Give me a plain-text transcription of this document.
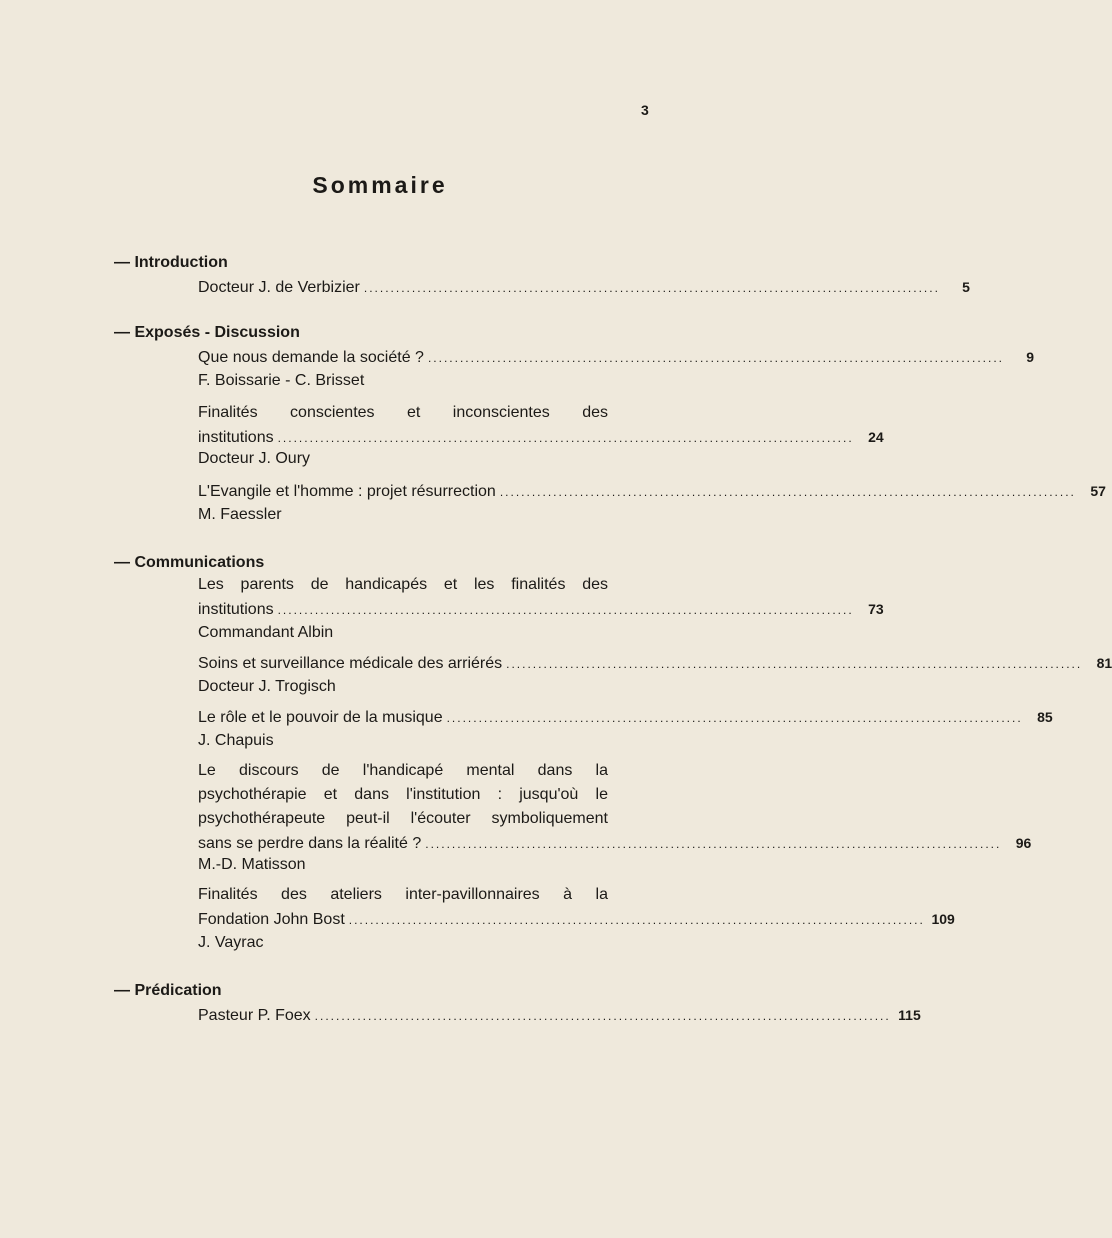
3
Sommaire
— Introduction
Docteur J. de Verbizier ............................................................................................................	5
— Exposés - Discussion
Que nous demande la société ? ............................................................................................................	9
F. Boissarie - C. Brisset
Finalités conscientes et inconscientes des
institutions ............................................................................................................	24
Docteur J. Oury
L'Evangile et l'homme : projet résurrection ............................................................................................................	57
M. Faessler
— Communications
Les parents de handicapés et les finalités des
institutions ............................................................................................................	73
Commandant Albin
Soins et surveillance médicale des arriérés ............................................................................................................	81
Docteur J. Trogisch
Le rôle et le pouvoir de la musique ............................................................................................................	85
J. Chapuis
Le discours de l'handicapé mental dans la
psychothérapie et dans l'institution : jusqu'où le
psychothérapeute peut-il l'écouter symboliquement
sans se perdre dans la réalité ? ............................................................................................................	96
M.-D. Matisson
Finalités des ateliers inter-pavillonnaires à la
Fondation John Bost ............................................................................................................ 109
J. Vayrac
— Prédication
Pasteur P. Foex ............................................................................................................ 115
